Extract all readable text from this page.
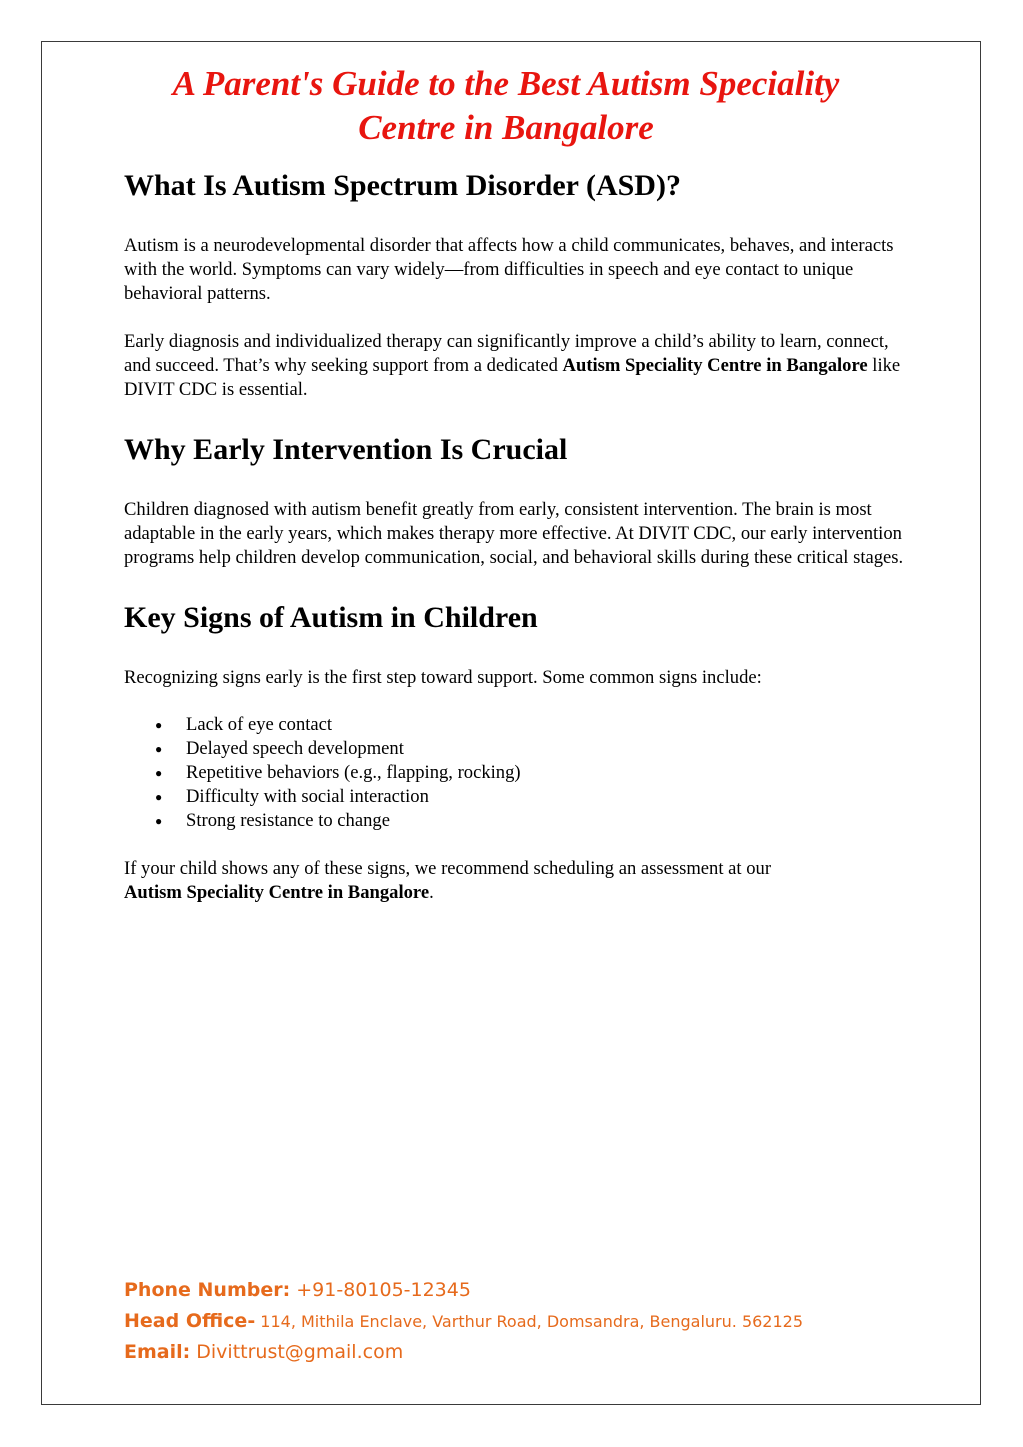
A Parent's Guide to the Best Autism Speciality
Centre in Bangalore
What Is Autism Spectrum Disorder (ASD)?

Autism is a neurodevelopmental disorder that affects how a child communicates, behaves, and interacts with the world. Symptoms can vary widely—from difficulties in speech and eye contact to unique behavioral patterns.

Early diagnosis and individualized therapy can significantly improve a child’s ability to learn, connect, and succeed. That’s why seeking support from a dedicated Autism Speciality Centre in Bangalore like DIVIT CDC is essential.

Why Early Intervention Is Crucial

Children diagnosed with autism benefit greatly from early, consistent intervention. The brain is most adaptable in the early years, which makes therapy more effective. At DIVIT CDC, our early intervention programs help children develop communication, social, and behavioral skills during these critical stages.

Key Signs of Autism in Children

Recognizing signs early is the first step toward support. Some common signs include:

● Lack of eye contact
● Delayed speech development
● Repetitive behaviors (e.g., flapping, rocking)
● Difficulty with social interaction
● Strong resistance to change

If your child shows any of these signs, we recommend scheduling an assessment at our
Autism Speciality Centre in Bangalore.

Phone Number: +91-80105-12345

Head Office- 114, Mithila Enclave, Varthur Road, Domsandra, Bengaluru. 562125

Email: Divittrust@gmail.com
